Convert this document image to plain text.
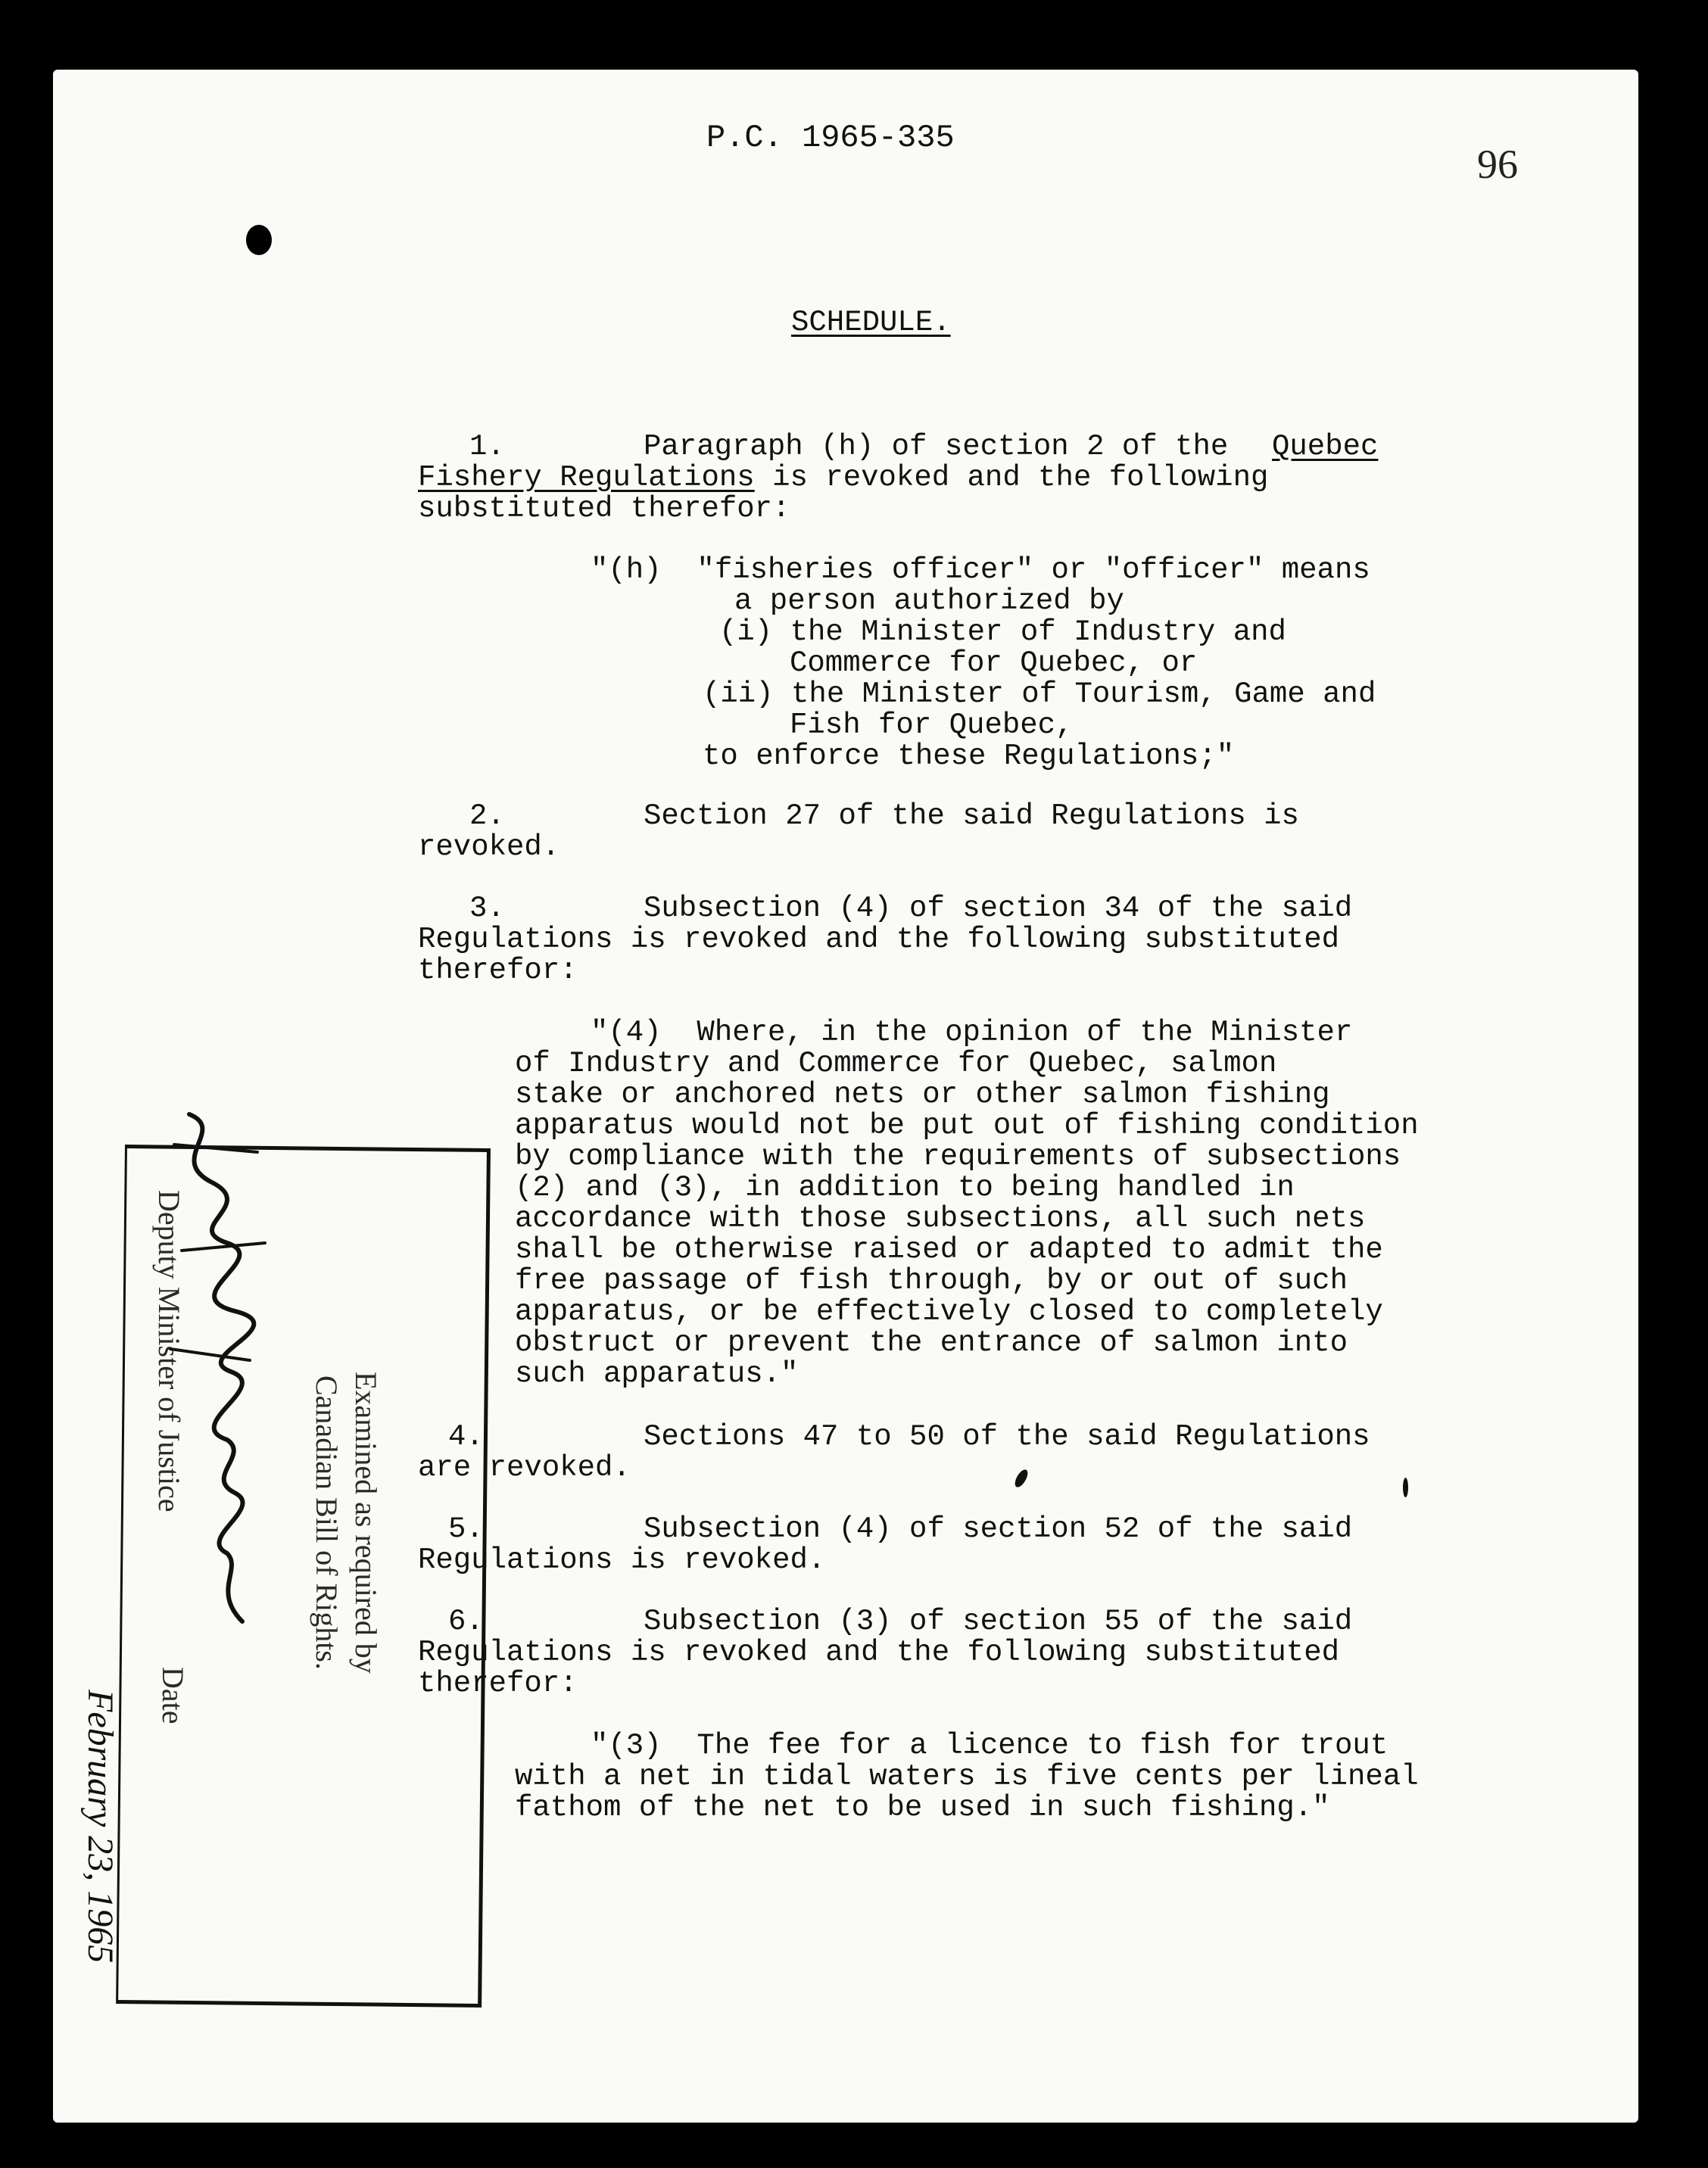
P.C. 1965-335

96

SCHEDULE.

1.	Paragraph (h) of section 2 of the Quebec

Fishery Regulations is revoked and the following

substituted therefor:

"(h)  "fisheries officer" or "officer" means

a person authorized by

(i) the Minister of Industry and

Commerce for Quebec, or

(ii) the Minister of Tourism, Game and

Fish for Quebec,

to enforce these Regulations;"

2.	Section 27 of the said Regulations is

revoked.

3.	Subsection (4) of section 34 of the said

Regulations is revoked and the following substituted

therefor:

"(4)  Where, in the opinion of the Minister

of Industry and Commerce for Quebec, salmon

stake or anchored nets or other salmon fishing

apparatus would not be put out of fishing condition

by compliance with the requirements of subsections

(2) and (3), in addition to being handled in

accordance with those subsections, all such nets

shall be otherwise raised or adapted to admit the

free passage of fish through, by or out of such

apparatus, or be effectively closed to completely

obstruct or prevent the entrance of salmon into

such apparatus."

4.	Sections 47 to 50 of the said Regulations

are revoked.

5.	Subsection (4) of section 52 of the said

Regulations is revoked.

6.	Subsection (3) of section 55 of the said

Regulations is revoked and the following substituted

therefor:

"(3)  The fee for a licence to fish for trout

with a net in tidal waters is five cents per lineal

fathom of the net to be used in such fishing."

Examined as required by

Canadian Bill of Rights.

Deputy Minister of Justice

Date

February 23, 1965
